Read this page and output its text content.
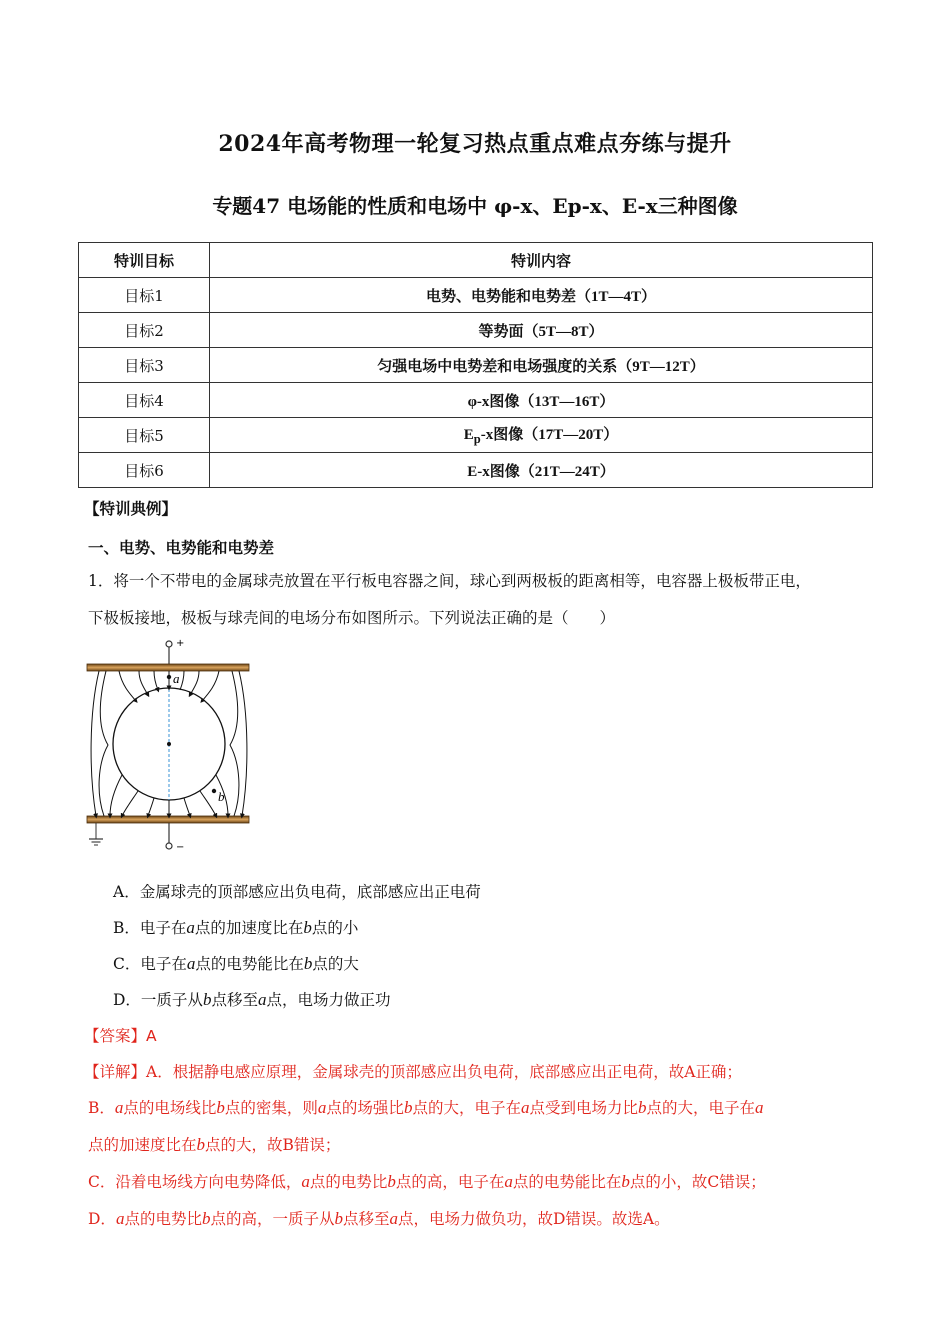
2024年高考物理一轮复习热点重点难点夯练与提升
专题47 电场能的性质和电场中 φ-x、Ep-x、E-x三种图像
特训目标	特训内容
目标1	电势、电势能和电势差（1T—4T）
目标2	等势面（5T—8T）
目标3	匀强电场中电势差和电场强度的关系（9T—12T）
目标4	φ-x图像（13T—16T）
目标5	$E_p-x$图像（17T—20T）
目标6	E-x图像（21T—24T）
【特训典例】
一、电势、电势能和电势差
1．将一个不带电的金属球壳放置在平行板电容器之间，球心到两极板的距离相等，电容器上极板带正电，
下极板接地，极板与球壳间的电场分布如图所示。下列说法正确的是（　　）
+
−
a
b
A．金属球壳的顶部感应出负电荷，底部感应出正电荷
B．电子在a点的加速度比在b点的小
C．电子在a点的电势能比在b点的大
D．一质子从b点移至a点，电场力做正功
【答案】A
【详解】A．根据静电感应原理，金属球壳的顶部感应出负电荷，底部感应出正电荷，故A正确；
B．a点的电场线比b点的密集，则a点的场强比b点的大，电子在a点受到电场力比b点的大，电子在a
点的加速度比在b点的大，故B错误；
C．沿着电场线方向电势降低，a点的电势比b点的高，电子在a点的电势能比在b点的小，故C错误；
D．a点的电势比b点的高，一质子从b点移至a点，电场力做负功，故D错误。故选A。
